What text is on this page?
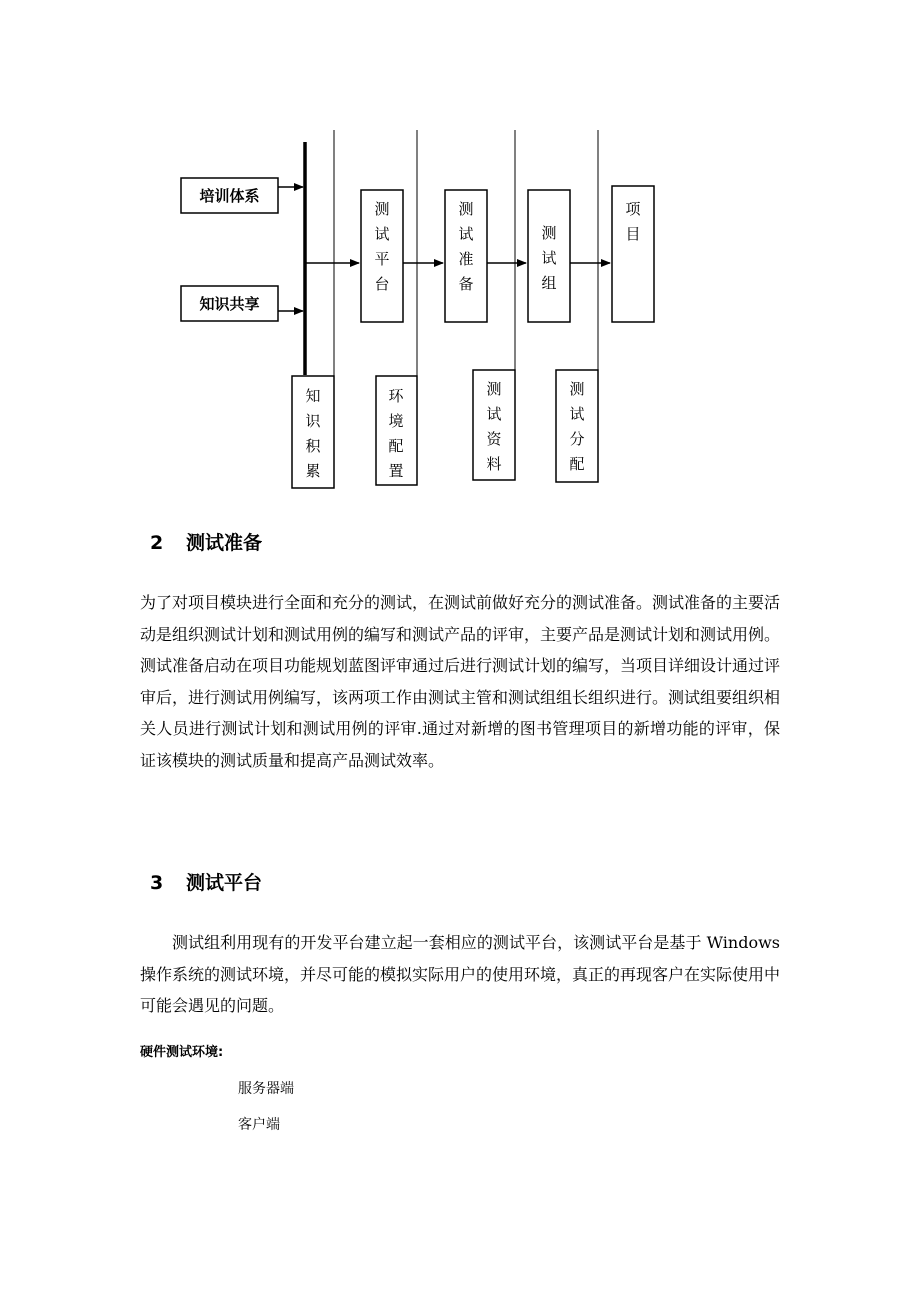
培训体系
知识共享
测试平台
测试准备
测试组
项目
知识积累
环境配置
测试资料
测试分配
2 测试准备

为了对项目模块进行全面和充分的测试，在测试前做好充分的测试准备。测试准备的主要活动是组织测试计划和测试用例的编写和测试产品的评审，主要产品是测试计划和测试用例。测试准备启动在项目功能规划蓝图评审通过后进行测试计划的编写，当项目详细设计通过评审后，进行测试用例编写，该两项工作由测试主管和测试组组长组织进行。测试组要组织相关人员进行测试计划和测试用例的评审.通过对新增的图书管理项目的新增功能的评审，保证该模块的测试质量和提高产品测试效率。

3 测试平台

测试组利用现有的开发平台建立起一套相应的测试平台，该测试平台是基于 Windows 操作系统的测试环境，并尽可能的模拟实际用户的使用环境，真正的再现客户在实际使用中可能会遇见的问题。

硬件测试环境:

服务器端

客户端
